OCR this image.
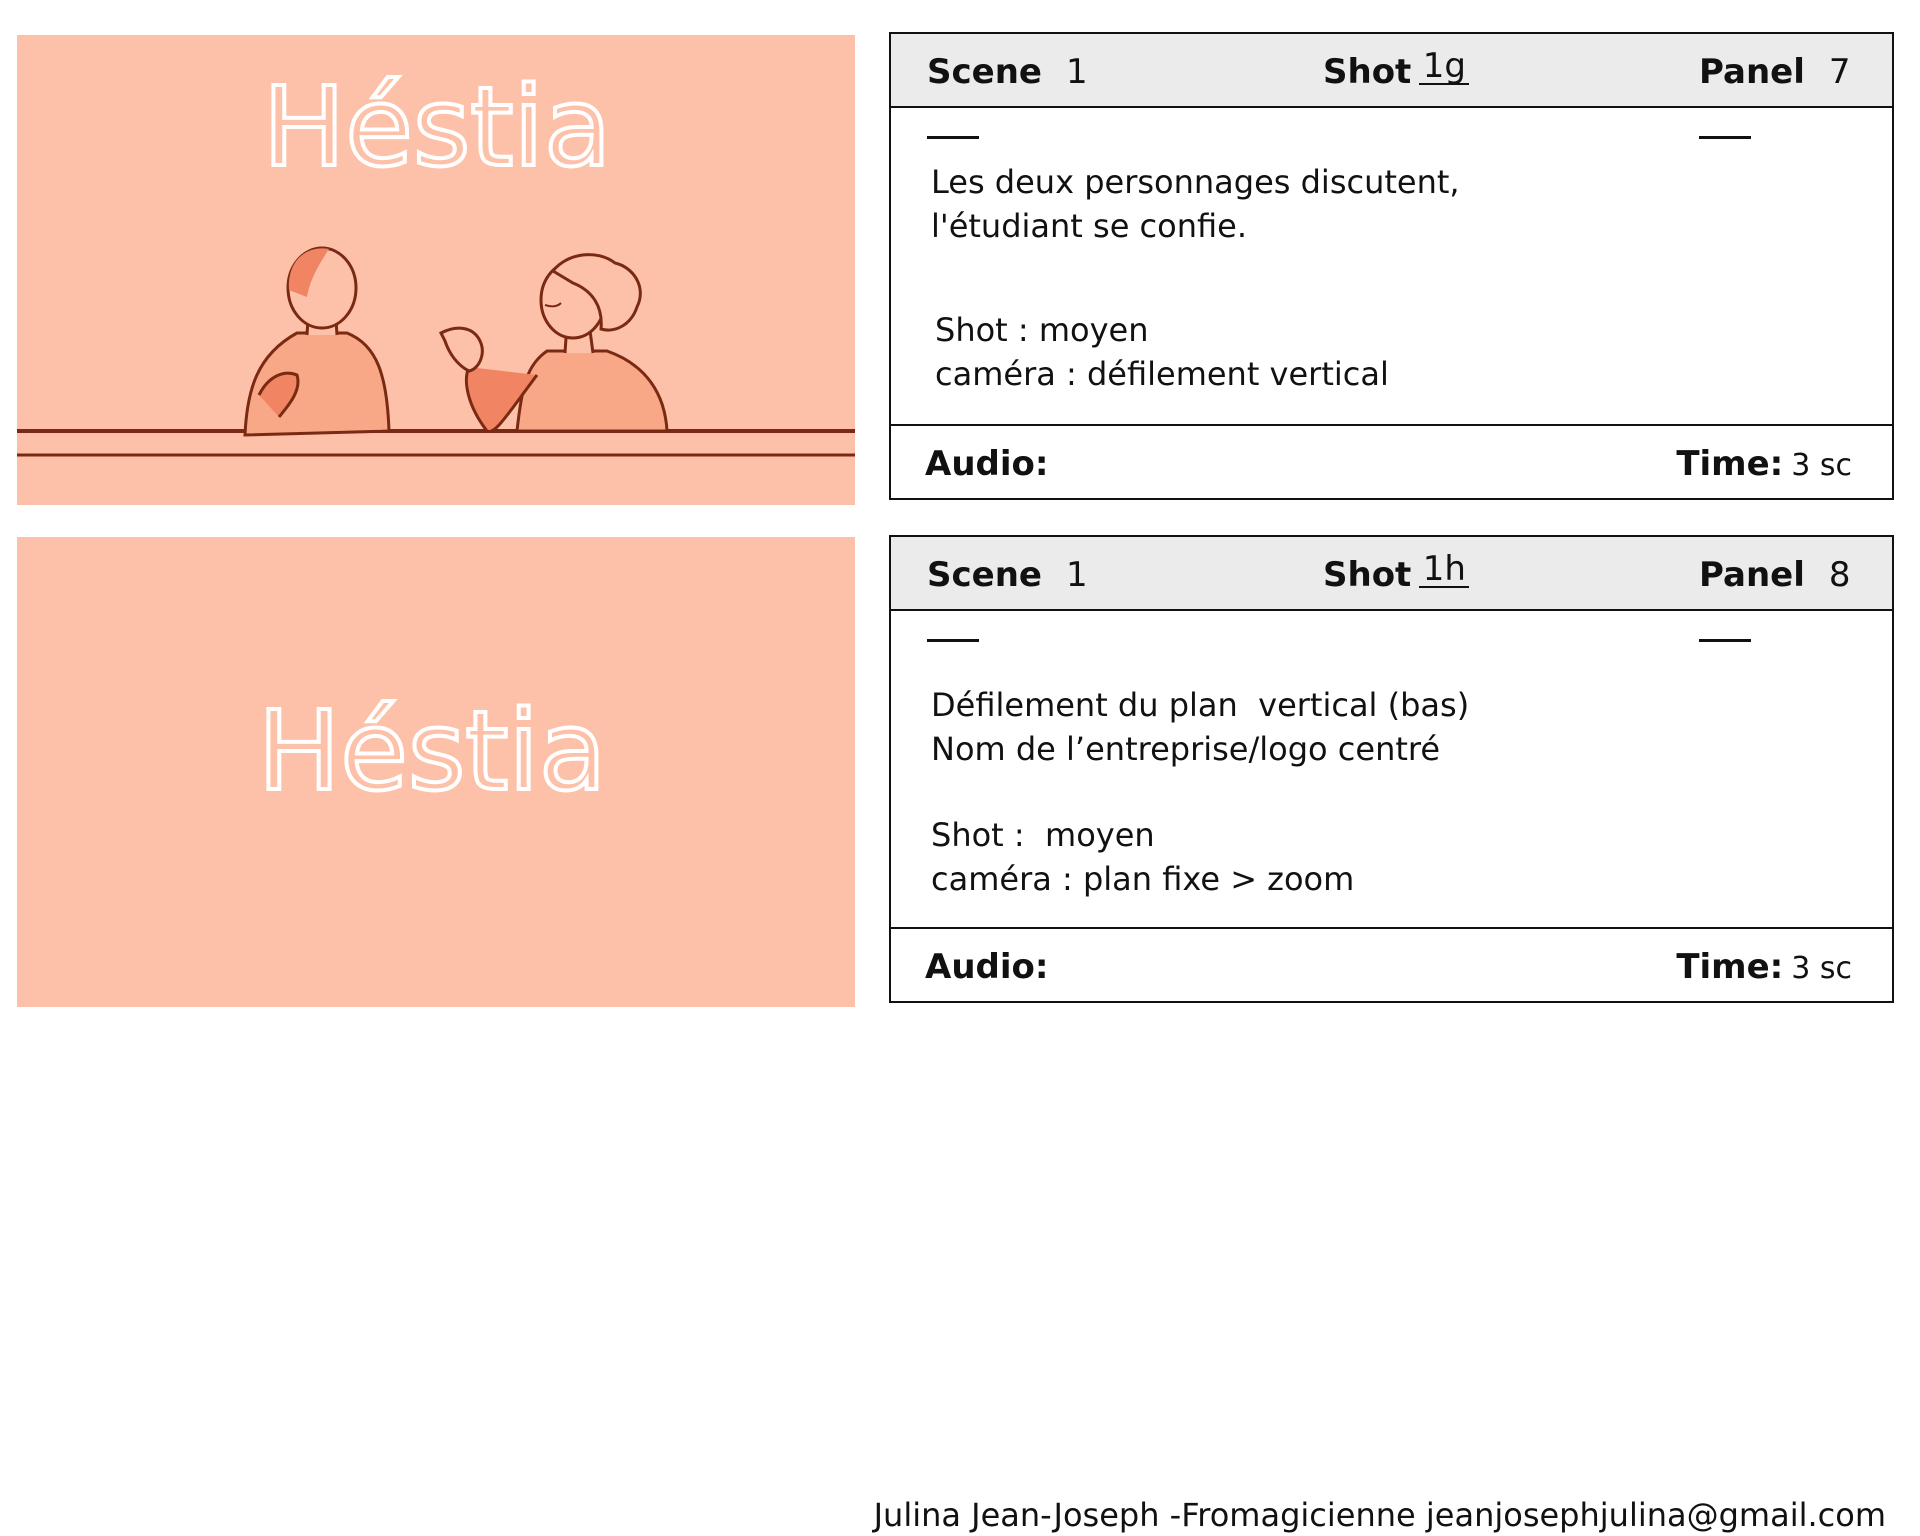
Héstia
Héstia
Scene 1	Shot 1g	Panel 7
Les deux personnages discutent,
l'étudiant se confie.
Shot : moyen
caméra : défilement vertical
Audio:	Time: 3 sc
Scene 1	Shot 1h	Panel 8
Défilement du plan  vertical (bas)
Nom de l’entreprise/logo centré
Shot :  moyen
caméra : plan fixe > zoom
Audio:	Time: 3 sc
Julina Jean-Joseph -Fromagicienne jeanjosephjulina@gmail.com
